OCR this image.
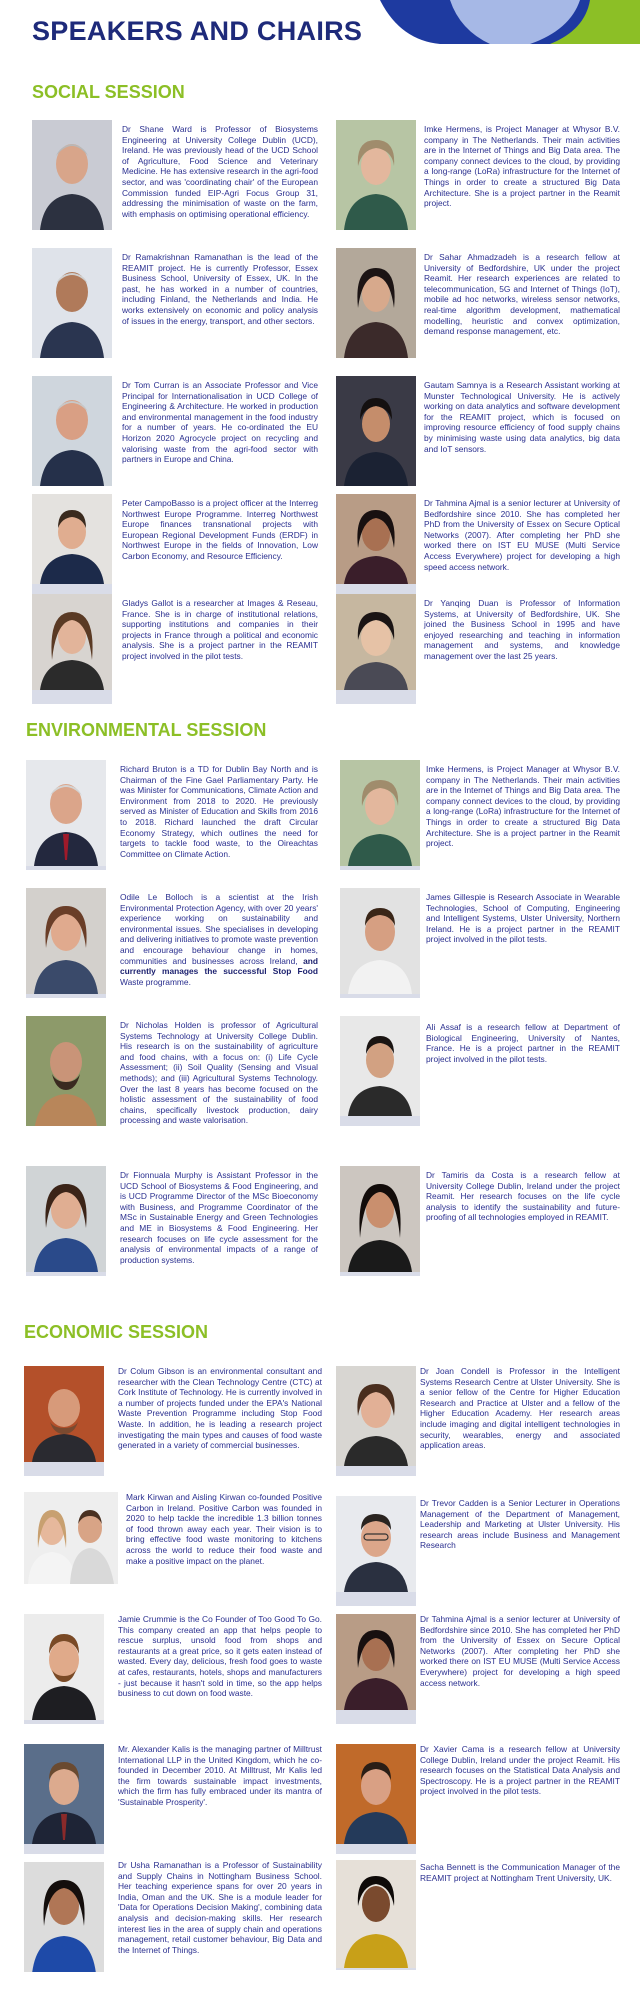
SPEAKERS AND CHAIRS
SOCIAL SESSION

Dr Shane Ward is Professor of Biosystems Engineering at University College Dublin (UCD), Ireland. He was previously head of the UCD School of Agriculture, Food Science and Veterinary Medicine. He has extensive research in the agri-food sector, and was 'coordinating chair' of the European Commission funded EIP-Agri Focus Group 31, addressing the minimisation of waste on the farm, with emphasis on optimising operational efficiency.

Imke Hermens, is Project Manager at Whysor B.V. company in The Netherlands. Their main activities are in the Internet of Things and Big Data area. The company connect devices to the cloud, by providing a long-range (LoRa) infrastructure for the Internet of Things in order to create a structured Big Data Architecture. She is a project partner in the Reamit project.

Dr Ramakrishnan Ramanathan is the lead of the REAMIT project. He is currently Professor, Essex Business School, University of Essex, UK. In the past, he has worked in a number of countries, including Finland, the Netherlands and India. He works extensively on economic and policy analysis of issues in the energy, transport, and other sectors.

Dr Sahar Ahmadzadeh is a research fellow at University of Bedfordshire, UK under the project Reamit. Her research experiences are related to telecommunication, 5G and Internet of Things (IoT), mobile ad hoc networks, wireless sensor networks, real-time algorithm development, mathematical modelling, heuristic and convex optimization, demand response management, etc.

Dr Tom Curran is an Associate Professor and Vice Principal for Internationalisation in UCD College of Engineering & Architecture. He worked in production and environmental management in the food industry for a number of years. He co-ordinated the EU Horizon 2020 Agrocycle project on recycling and valorising waste from the agri-food sector with partners in Europe and China.

Gautam Samnya is a Research Assistant working at Munster Technological University. He is actively working on data analytics and software development for the REAMIT project, which is focused on improving resource efficiency of food supply chains by minimising waste using data analytics, big data and IoT sensors.

Peter CampoBasso is a project officer at the Interreg Northwest Europe Programme. Interreg Northwest Europe finances transnational projects with European Regional Development Funds (ERDF) in Northwest Europe in the fields of Innovation, Low Carbon Economy, and Resource Efficiency.

Dr Tahmina Ajmal is a senior lecturer at University of Bedfordshire since 2010. She has completed her PhD from the University of Essex on Secure Optical Networks (2007). After completing her PhD she worked there on IST EU MUSE (Multi Service Access Everywhere) project for developing a high speed access network.

Gladys Gallot is a researcher at Images & Reseau, France. She is in charge of institutional relations, supporting institutions and companies in their projects in France through a political and economic analysis. She is a project partner in the REAMIT project involved in the pilot tests.

Dr Yanqing Duan is Professor of Information Systems, at University of Bedfordshire, UK. She joined the Business School in 1995 and have enjoyed researching and teaching in information management and systems, and knowledge management over the last 25 years.

ENVIRONMENTAL SESSION

Richard Bruton is a TD for Dublin Bay North and is Chairman of the Fine Gael Parliamentary Party. He was Minister for Communications, Climate Action and Environment from 2018 to 2020. He previously served as Minister of Education and Skills from 2016 to 2018. Richard launched the draft Circular Economy Strategy, which outlines the need for targets to tackle food waste, to the Oireachtas Committee on Climate Action.

Imke Hermens, is Project Manager at Whysor B.V. company in The Netherlands. Their main activities are in the Internet of Things and Big Data area. The company connect devices to the cloud, by providing a long-range (LoRa) infrastructure for the Internet of Things in order to create a structured Big Data Architecture. She is a project partner in the Reamit project.

Odile Le Bolloch is a scientist at the Irish Environmental Protection Agency, with over 20 years' experience working on sustainability and environmental issues. She specialises in developing and delivering initiatives to promote waste prevention and encourage behaviour change in homes, communities and businesses across Ireland, and currently manages the successful Stop Food Waste programme.

James Gillespie is Research Associate in Wearable Technologies, School of Computing, Engineering and Intelligent Systems, Ulster University, Northern Ireland. He is a project partner in the REAMIT project involved in the pilot tests.

Dr Nicholas Holden is professor of Agricultural Systems Technology at University College Dublin. His research is on the sustainability of agriculture and food chains, with a focus on: (i) Life Cycle Assessment; (ii) Soil Quality (Sensing and Visual methods); and (iii) Agricultural Systems Technology. Over the last 8 years has become focused on the holistic assessment of the sustainability of food chains, specifically livestock production, dairy processing and waste valorisation.

Ali Assaf is a research fellow at Department of Biological Engineering, University of Nantes, France. He is a project partner in the REAMIT project involved in the pilot tests.

Dr Fionnuala Murphy is Assistant Professor in the UCD School of Biosystems & Food Engineering, and is UCD Programme Director of the MSc Bioeconomy with Business, and Programme Coordinator of the MSc in Sustainable Energy and Green Technologies and ME in Biosystems & Food Engineering. Her research focuses on life cycle assessment for the analysis of environmental impacts of a range of production systems.

Dr Tamiris da Costa is a research fellow at University College Dublin, Ireland under the project Reamit. Her research focuses on the life cycle analysis to identify the sustainability and future-proofing of all technologies employed in REAMIT.

ECONOMIC SESSION

Dr Colum Gibson is an environmental consultant and researcher with the Clean Technology Centre (CTC) at Cork Institute of Technology. He is currently involved in a number of projects funded under the EPA's National Waste Prevention Programme including Stop Food Waste. In addition, he is leading a research project investigating the main types and causes of food waste generated in a variety of commercial businesses.

Dr Joan Condell is Professor in the Intelligent Systems Research Centre at Ulster University. She is a senior fellow of the Centre for Higher Education Research and Practice at Ulster and a fellow of the Higher Education Academy. Her research areas include imaging and digital intelligent technologies in security, wearables, energy and associated application areas.

Mark Kirwan and Aisling Kirwan co-founded Positive Carbon in Ireland. Positive Carbon was founded in 2020 to help tackle the incredible 1.3 billion tonnes of food thrown away each year. Their vision is to bring effective food waste monitoring to kitchens across the world to reduce their food waste and make a positive impact on the planet.

Dr Trevor Cadden is a Senior Lecturer in Operations Management of the Department of Management, Leadership and Marketing at Ulster University. His research areas include Business and Management Research

Jamie Crummie is the Co Founder of Too Good To Go. This company created an app that helps people to rescue surplus, unsold food from shops and restaurants at a great price, so it gets eaten instead of wasted. Every day, delicious, fresh food goes to waste at cafes, restaurants, hotels, shops and manufacturers - just because it hasn't sold in time, so the app helps business to cut down on food waste.

Dr Tahmina Ajmal is a senior lecturer at University of Bedfordshire since 2010. She has completed her PhD from the University of Essex on Secure Optical Networks (2007). After completing her PhD she worked there on IST EU MUSE (Multi Service Access Everywhere) project for developing a high speed access network.

Mr. Alexander Kalis is the managing partner of Milltrust International LLP in the United Kingdom, which he co-founded in December 2010. At Milltrust, Mr Kalis led the firm towards sustainable impact investments, which the firm has fully embraced under its mantra of 'Sustainable Prosperity'.

Dr Xavier Cama is a research fellow at University College Dublin, Ireland under the project Reamit. His research focuses on the Statistical Data Analysis and Spectroscopy. He is a project partner in the REAMIT project involved in the pilot tests.

Dr Usha Ramanathan is a Professor of Sustainability and Supply Chains in Nottingham Business School. Her teaching experience spans for over 20 years in India, Oman and the UK. She is a module leader for 'Data for Operations Decision Making', combining data analysis and decision-making skills. Her research interest lies in the area of supply chain and operations management, retail customer behaviour, Big Data and the Internet of Things.

Sacha Bennett is the Communication Manager of the REAMIT project at Nottingham Trent University, UK.
